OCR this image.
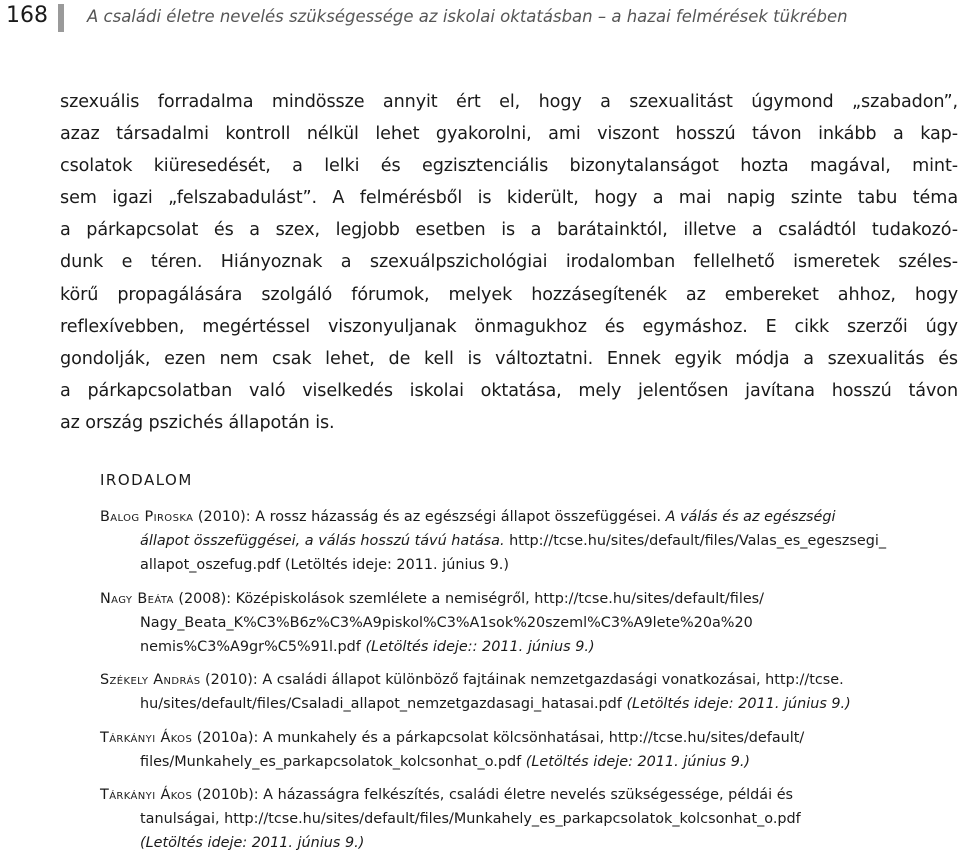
168 A családi életre nevelés szükségessége az iskolai oktatásban – a hazai felmérések tükrében
szexuális forradalma mindössze annyit ért el, hogy a szexualitást úgymond „szabadon”,
azaz társadalmi kontroll nélkül lehet gyakorolni, ami viszont hosszú távon inkább a kap-
csolatok kiüresedését, a lelki és egzisztenciális bizonytalanságot hozta magával, mint-
sem igazi „felszabadulást”. A felmérésből is kiderült, hogy a mai napig szinte tabu téma
a párkapcsolat és a szex, legjobb esetben is a barátainktól, illetve a családtól tudakozó-
dunk e téren. Hiányoznak a szexuálpszichológiai irodalomban fellelhető ismeretek széles-
körű propagálására szolgáló fórumok, melyek hozzásegítenék az embereket ahhoz, hogy
reflexívebben, megértéssel viszonyuljanak önmagukhoz és egymáshoz. E cikk szerzői úgy
gondolják, ezen nem csak lehet, de kell is változtatni. Ennek egyik módja a szexualitás és
a párkapcsolatban való viselkedés iskolai oktatása, mely jelentősen javítana hosszú távon
az ország pszichés állapotán is.
irodalom
Balog Piroska (2010): A rossz házasság és az egészségi állapot összefüggései. A válás és az egészségi
állapot összefüggései, a válás hosszú távú hatása. http://tcse.hu/sites/default/files/Valas_es_egeszsegi_
allapot_oszefug.pdf (Letöltés ideje: 2011. június 9.)
Nagy Beáta (2008): Középiskolások szemlélete a nemiségről, http://tcse.hu/sites/default/files/
Nagy_Beata_K%C3%B6z%C3%A9piskol%C3%A1sok%20szeml%C3%A9lete%20a%20
nemis%C3%A9gr%C5%91l.pdf (Letöltés ideje:: 2011. június 9.)
Székely András (2010): A családi állapot különböző fajtáinak nemzetgazdasági vonatkozásai, http://tcse.
hu/sites/default/files/Csaladi_allapot_nemzetgazdasagi_hatasai.pdf (Letöltés ideje: 2011. június 9.)
Tárkányi Ákos (2010a): A munkahely és a párkapcsolat kölcsönhatásai, http://tcse.hu/sites/default/
files/Munkahely_es_parkapcsolatok_kolcsonhat_o.pdf (Letöltés ideje: 2011. június 9.)
Tárkányi Ákos (2010b): A házasságra felkészítés, családi életre nevelés szükségessége, példái és
tanulságai, http://tcse.hu/sites/default/files/Munkahely_es_parkapcsolatok_kolcsonhat_o.pdf
(Letöltés ideje: 2011. június 9.)
